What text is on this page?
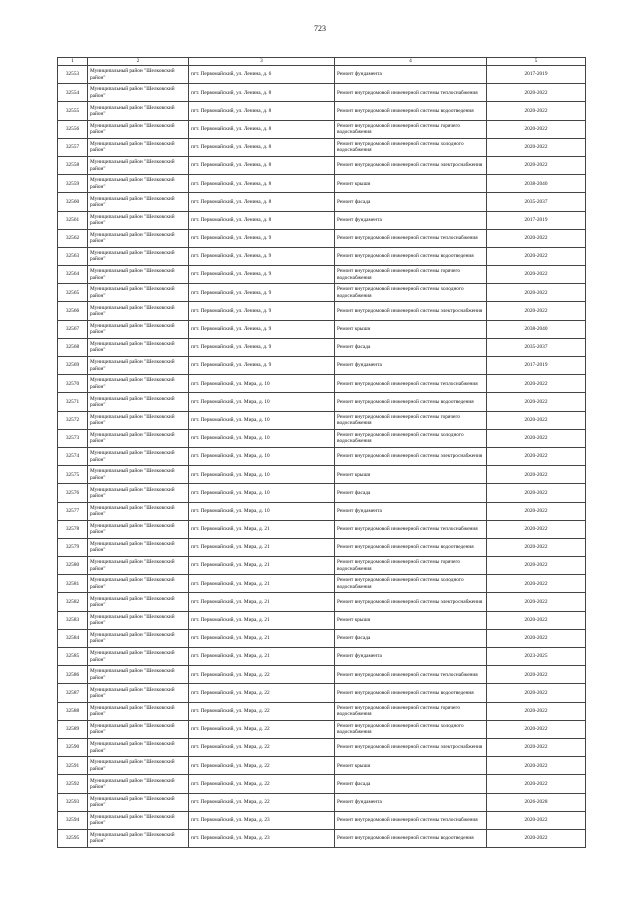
723
1	2	3	4	5
32553	Муниципальный район "Шелковский район"	пгт. Первомайский, ул. Ленина, д. 6	Ремонт фундамента	2017-2019
32554	Муниципальный район "Шелковский район"	пгт. Первомайский, ул. Ленина, д. 8	Ремонт внутридомовой инженерной системы теплоснабжения	2020-2022
32555	Муниципальный район "Шелковский район"	пгт. Первомайский, ул. Ленина, д. 8	Ремонт внутридомовой инженерной системы водоотведения	2020-2022
32556	Муниципальный район "Шелковский район"	пгт. Первомайский, ул. Ленина, д. 8	Ремонт внутридомовой инженерной системы горячего водоснабжения	2020-2022
32557	Муниципальный район "Шелковский район"	пгт. Первомайский, ул. Ленина, д. 8	Ремонт внутридомовой инженерной системы холодного водоснабжения	2020-2022
32558	Муниципальный район "Шелковский район"	пгт. Первомайский, ул. Ленина, д. 8	Ремонт внутридомовой инженерной системы электроснабжения	2020-2022
32559	Муниципальный район "Шелковский район"	пгт. Первомайский, ул. Ленина, д. 8	Ремонт крыши	2038-2040
32560	Муниципальный район "Шелковский район"	пгт. Первомайский, ул. Ленина, д. 8	Ремонт фасада	2035-2037
32561	Муниципальный район "Шелковский район"	пгт. Первомайский, ул. Ленина, д. 8	Ремонт фундамента	2017-2019
32562	Муниципальный район "Шелковский район"	пгт. Первомайский, ул. Ленина, д. 9	Ремонт внутридомовой инженерной системы теплоснабжения	2020-2022
32563	Муниципальный район "Шелковский район"	пгт. Первомайский, ул. Ленина, д. 9	Ремонт внутридомовой инженерной системы водоотведения	2020-2022
32564	Муниципальный район "Шелковский район"	пгт. Первомайский, ул. Ленина, д. 9	Ремонт внутридомовой инженерной системы горячего водоснабжения	2020-2022
32565	Муниципальный район "Шелковский район"	пгт. Первомайский, ул. Ленина, д. 9	Ремонт внутридомовой инженерной системы холодного водоснабжения	2020-2022
32566	Муниципальный район "Шелковский район"	пгт. Первомайский, ул. Ленина, д. 9	Ремонт внутридомовой инженерной системы электроснабжения	2020-2022
32567	Муниципальный район "Шелковский район"	пгт. Первомайский, ул. Ленина, д. 9	Ремонт крыши	2038-2040
32568	Муниципальный район "Шелковский район"	пгт. Первомайский, ул. Ленина, д. 9	Ремонт фасада	2035-2037
32569	Муниципальный район "Шелковский район"	пгт. Первомайский, ул. Ленина, д. 9	Ремонт фундамента	2017-2019
32570	Муниципальный район "Шелковский район"	пгт. Первомайский, ул. Мира, д. 10	Ремонт внутридомовой инженерной системы теплоснабжения	2020-2022
32571	Муниципальный район "Шелковский район"	пгт. Первомайский, ул. Мира, д. 10	Ремонт внутридомовой инженерной системы водоотведения	2020-2022
32572	Муниципальный район "Шелковский район"	пгт. Первомайский, ул. Мира, д. 10	Ремонт внутридомовой инженерной системы горячего водоснабжения	2020-2022
32573	Муниципальный район "Шелковский район"	пгт. Первомайский, ул. Мира, д. 10	Ремонт внутридомовой инженерной системы холодного водоснабжения	2020-2022
32574	Муниципальный район "Шелковский район"	пгт. Первомайский, ул. Мира, д. 10	Ремонт внутридомовой инженерной системы электроснабжения	2020-2022
32575	Муниципальный район "Шелковский район"	пгт. Первомайский, ул. Мира, д. 10	Ремонт крыши	2020-2022
32576	Муниципальный район "Шелковский район"	пгт. Первомайский, ул. Мира, д. 10	Ремонт фасада	2020-2022
32577	Муниципальный район "Шелковский район"	пгт. Первомайский, ул. Мира, д. 10	Ремонт фундамента	2020-2022
32578	Муниципальный район "Шелковский район"	пгт. Первомайский, ул. Мира, д. 21	Ремонт внутридомовой инженерной системы теплоснабжения	2020-2022
32579	Муниципальный район "Шелковский район"	пгт. Первомайский, ул. Мира, д. 21	Ремонт внутридомовой инженерной системы водоотведения	2020-2022
32580	Муниципальный район "Шелковский район"	пгт. Первомайский, ул. Мира, д. 21	Ремонт внутридомовой инженерной системы горячего водоснабжения	2020-2022
32581	Муниципальный район "Шелковский район"	пгт. Первомайский, ул. Мира, д. 21	Ремонт внутридомовой инженерной системы холодного водоснабжения	2020-2022
32582	Муниципальный район "Шелковский район"	пгт. Первомайский, ул. Мира, д. 21	Ремонт внутридомовой инженерной системы электроснабжения	2020-2022
32583	Муниципальный район "Шелковский район"	пгт. Первомайский, ул. Мира, д. 21	Ремонт крыши	2020-2022
32584	Муниципальный район "Шелковский район"	пгт. Первомайский, ул. Мира, д. 21	Ремонт фасада	2020-2022
32585	Муниципальный район "Шелковский район"	пгт. Первомайский, ул. Мира, д. 21	Ремонт фундамента	2023-2025
32586	Муниципальный район "Шелковский район"	пгт. Первомайский, ул. Мира, д. 22	Ремонт внутридомовой инженерной системы теплоснабжения	2020-2022
32587	Муниципальный район "Шелковский район"	пгт. Первомайский, ул. Мира, д. 22	Ремонт внутридомовой инженерной системы водоотведения	2020-2022
32588	Муниципальный район "Шелковский район"	пгт. Первомайский, ул. Мира, д. 22	Ремонт внутридомовой инженерной системы горячего водоснабжения	2020-2022
32589	Муниципальный район "Шелковский район"	пгт. Первомайский, ул. Мира, д. 22	Ремонт внутридомовой инженерной системы холодного водоснабжения	2020-2022
32590	Муниципальный район "Шелковский район"	пгт. Первомайский, ул. Мира, д. 22	Ремонт внутридомовой инженерной системы электроснабжения	2020-2022
32591	Муниципальный район "Шелковский район"	пгт. Первомайский, ул. Мира, д. 22	Ремонт крыши	2020-2022
32592	Муниципальный район "Шелковский район"	пгт. Первомайский, ул. Мира, д. 22	Ремонт фасада	2020-2022
32593	Муниципальный район "Шелковский район"	пгт. Первомайский, ул. Мира, д. 22	Ремонт фундамента	2026-2028
32594	Муниципальный район "Шелковский район"	пгт. Первомайский, ул. Мира, д. 23	Ремонт внутридомовой инженерной системы теплоснабжения	2020-2022
32595	Муниципальный район "Шелковский район"	пгт. Первомайский, ул. Мира, д. 23	Ремонт внутридомовой инженерной системы водоотведения	2020-2022
